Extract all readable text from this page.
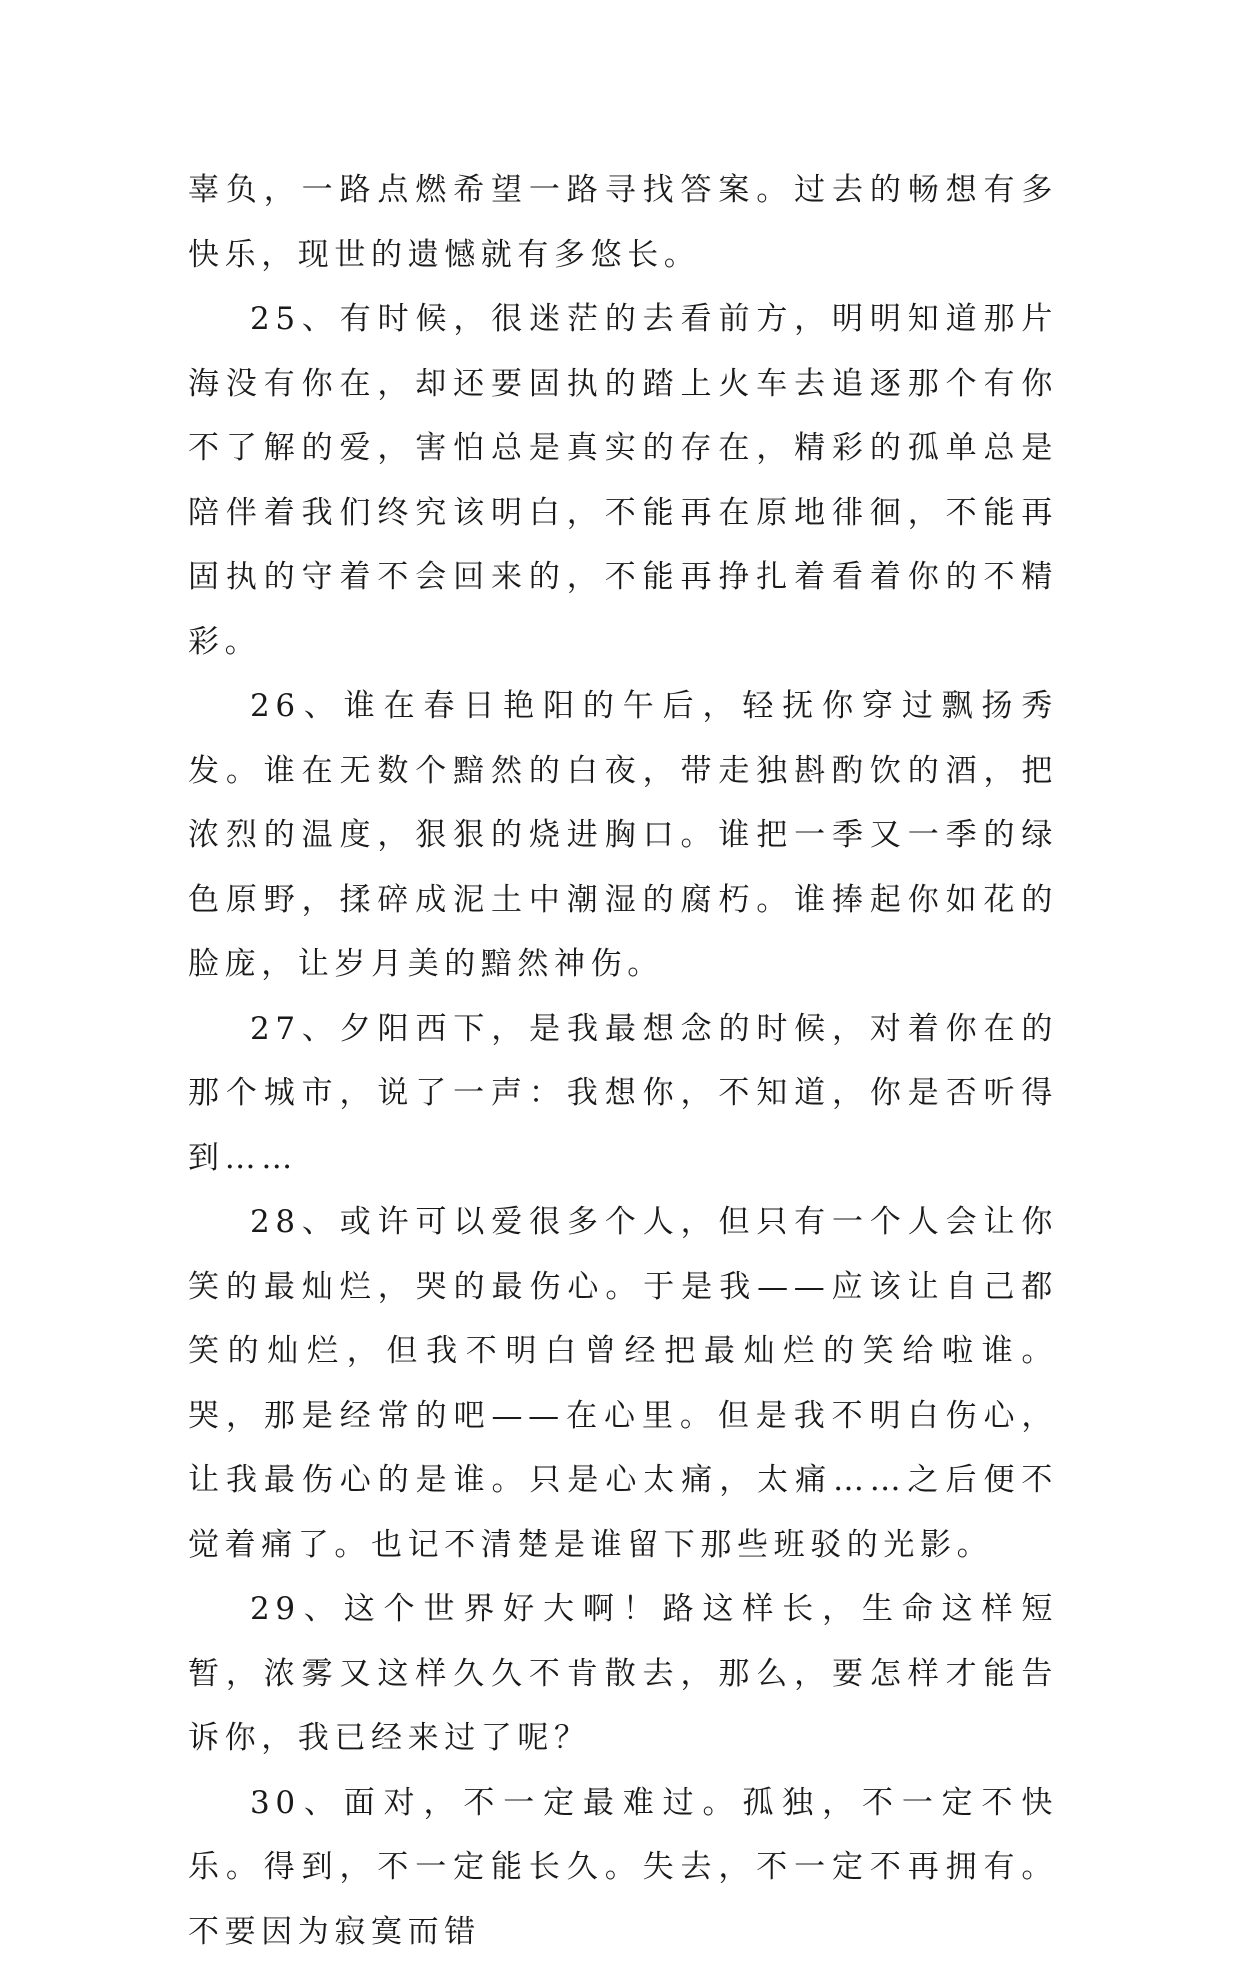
辜负，一路点燃希望一路寻找答案。过去的畅想有多快乐，现世的遗憾就有多悠长。

25、有时候，很迷茫的去看前方，明明知道那片海没有你在，却还要固执的踏上火车去追逐那个有你不了解的爱，害怕总是真实的存在，精彩的孤单总是陪伴着我们终究该明白，不能再在原地徘徊，不能再固执的守着不会回来的，不能再挣扎着看着你的不精彩。

26、谁在春日艳阳的午后，轻抚你穿过飘扬秀发。谁在无数个黯然的白夜，带走独斟酌饮的酒，把浓烈的温度，狠狠的烧进胸口。谁把一季又一季的绿色原野，揉碎成泥土中潮湿的腐朽。谁捧起你如花的脸庞，让岁月美的黯然神伤。

27、夕阳西下，是我最想念的时候，对着你在的那个城市，说了一声：我想你，不知道，你是否听得到……

28、或许可以爱很多个人，但只有一个人会让你笑的最灿烂，哭的最伤心。于是我——应该让自己都笑的灿烂，但我不明白曾经把最灿烂的笑给啦谁。哭，那是经常的吧——在心里。但是我不明白伤心，让我最伤心的是谁。只是心太痛，太痛……之后便不觉着痛了。也记不清楚是谁留下那些班驳的光影。

29、这个世界好大啊！路这样长，生命这样短暂，浓雾又这样久久不肯散去，那么，要怎样才能告诉你，我已经来过了呢？

30、面对，不一定最难过。孤独，不一定不快乐。得到，不一定能长久。失去，不一定不再拥有。不要因为寂寞而错
